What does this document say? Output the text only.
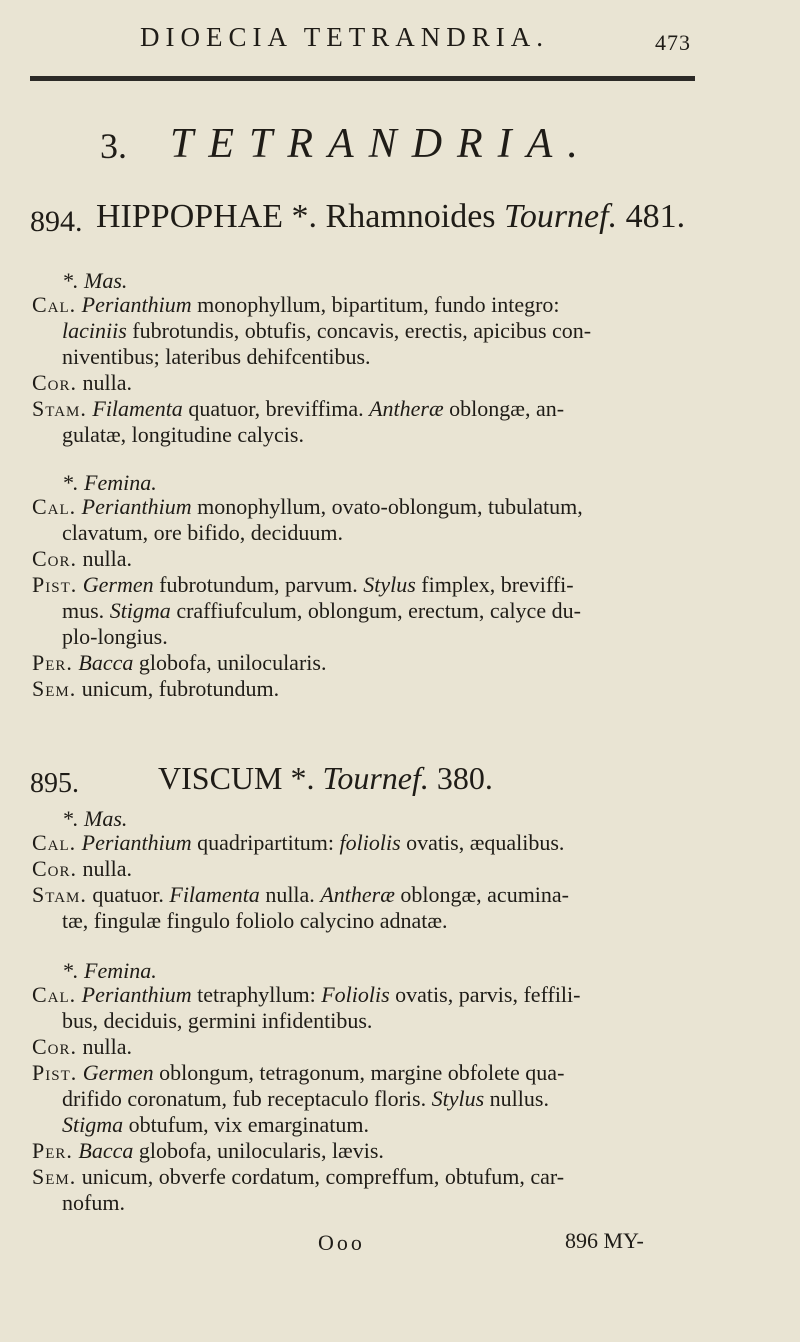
DIOECIA TETRANDRIA.	473
3. TETRANDRIA.
894. HIPPOPHAE *. Rhamnoides Tournef. 481.
*. Mas.
Cal. Perianthium monophyllum, bipartitum, fundo integro:
laciniis fubrotundis, obtufis, concavis, erectis, apicibus con-
niventibus; lateribus dehifcentibus.
Cor. nulla.
Stam. Filamenta quatuor, breviffima. Antheræ oblongæ, an-
gulatæ, longitudine calycis.
*. Femina.
Cal. Perianthium monophyllum, ovato-oblongum, tubulatum,
clavatum, ore bifido, deciduum.
Cor. nulla.
Pist. Germen fubrotundum, parvum. Stylus fimplex, breviffi-
mus. Stigma craffiufculum, oblongum, erectum, calyce du-
plo-longius.
Per. Bacca globofa, unilocularis.
Sem. unicum, fubrotundum.
895. VISCUM *. Tournef. 380.
*. Mas.
Cal. Perianthium quadripartitum: foliolis ovatis, æqualibus.
Cor. nulla.
Stam. quatuor. Filamenta nulla. Antheræ oblongæ, acumina-
tæ, fingulæ fingulo foliolo calycino adnatæ.
*. Femina.
Cal. Perianthium tetraphyllum: Foliolis ovatis, parvis, feffili-
bus, deciduis, germini infidentibus.
Cor. nulla.
Pist. Germen oblongum, tetragonum, margine obfolete qua-
drifido coronatum, fub receptaculo floris. Stylus nullus.
Stigma obtufum, vix emarginatum.
Per. Bacca globofa, unilocularis, lævis.
Sem. unicum, obverfe cordatum, compreffum, obtufum, car-
nofum.
Ooo	896 MY-
